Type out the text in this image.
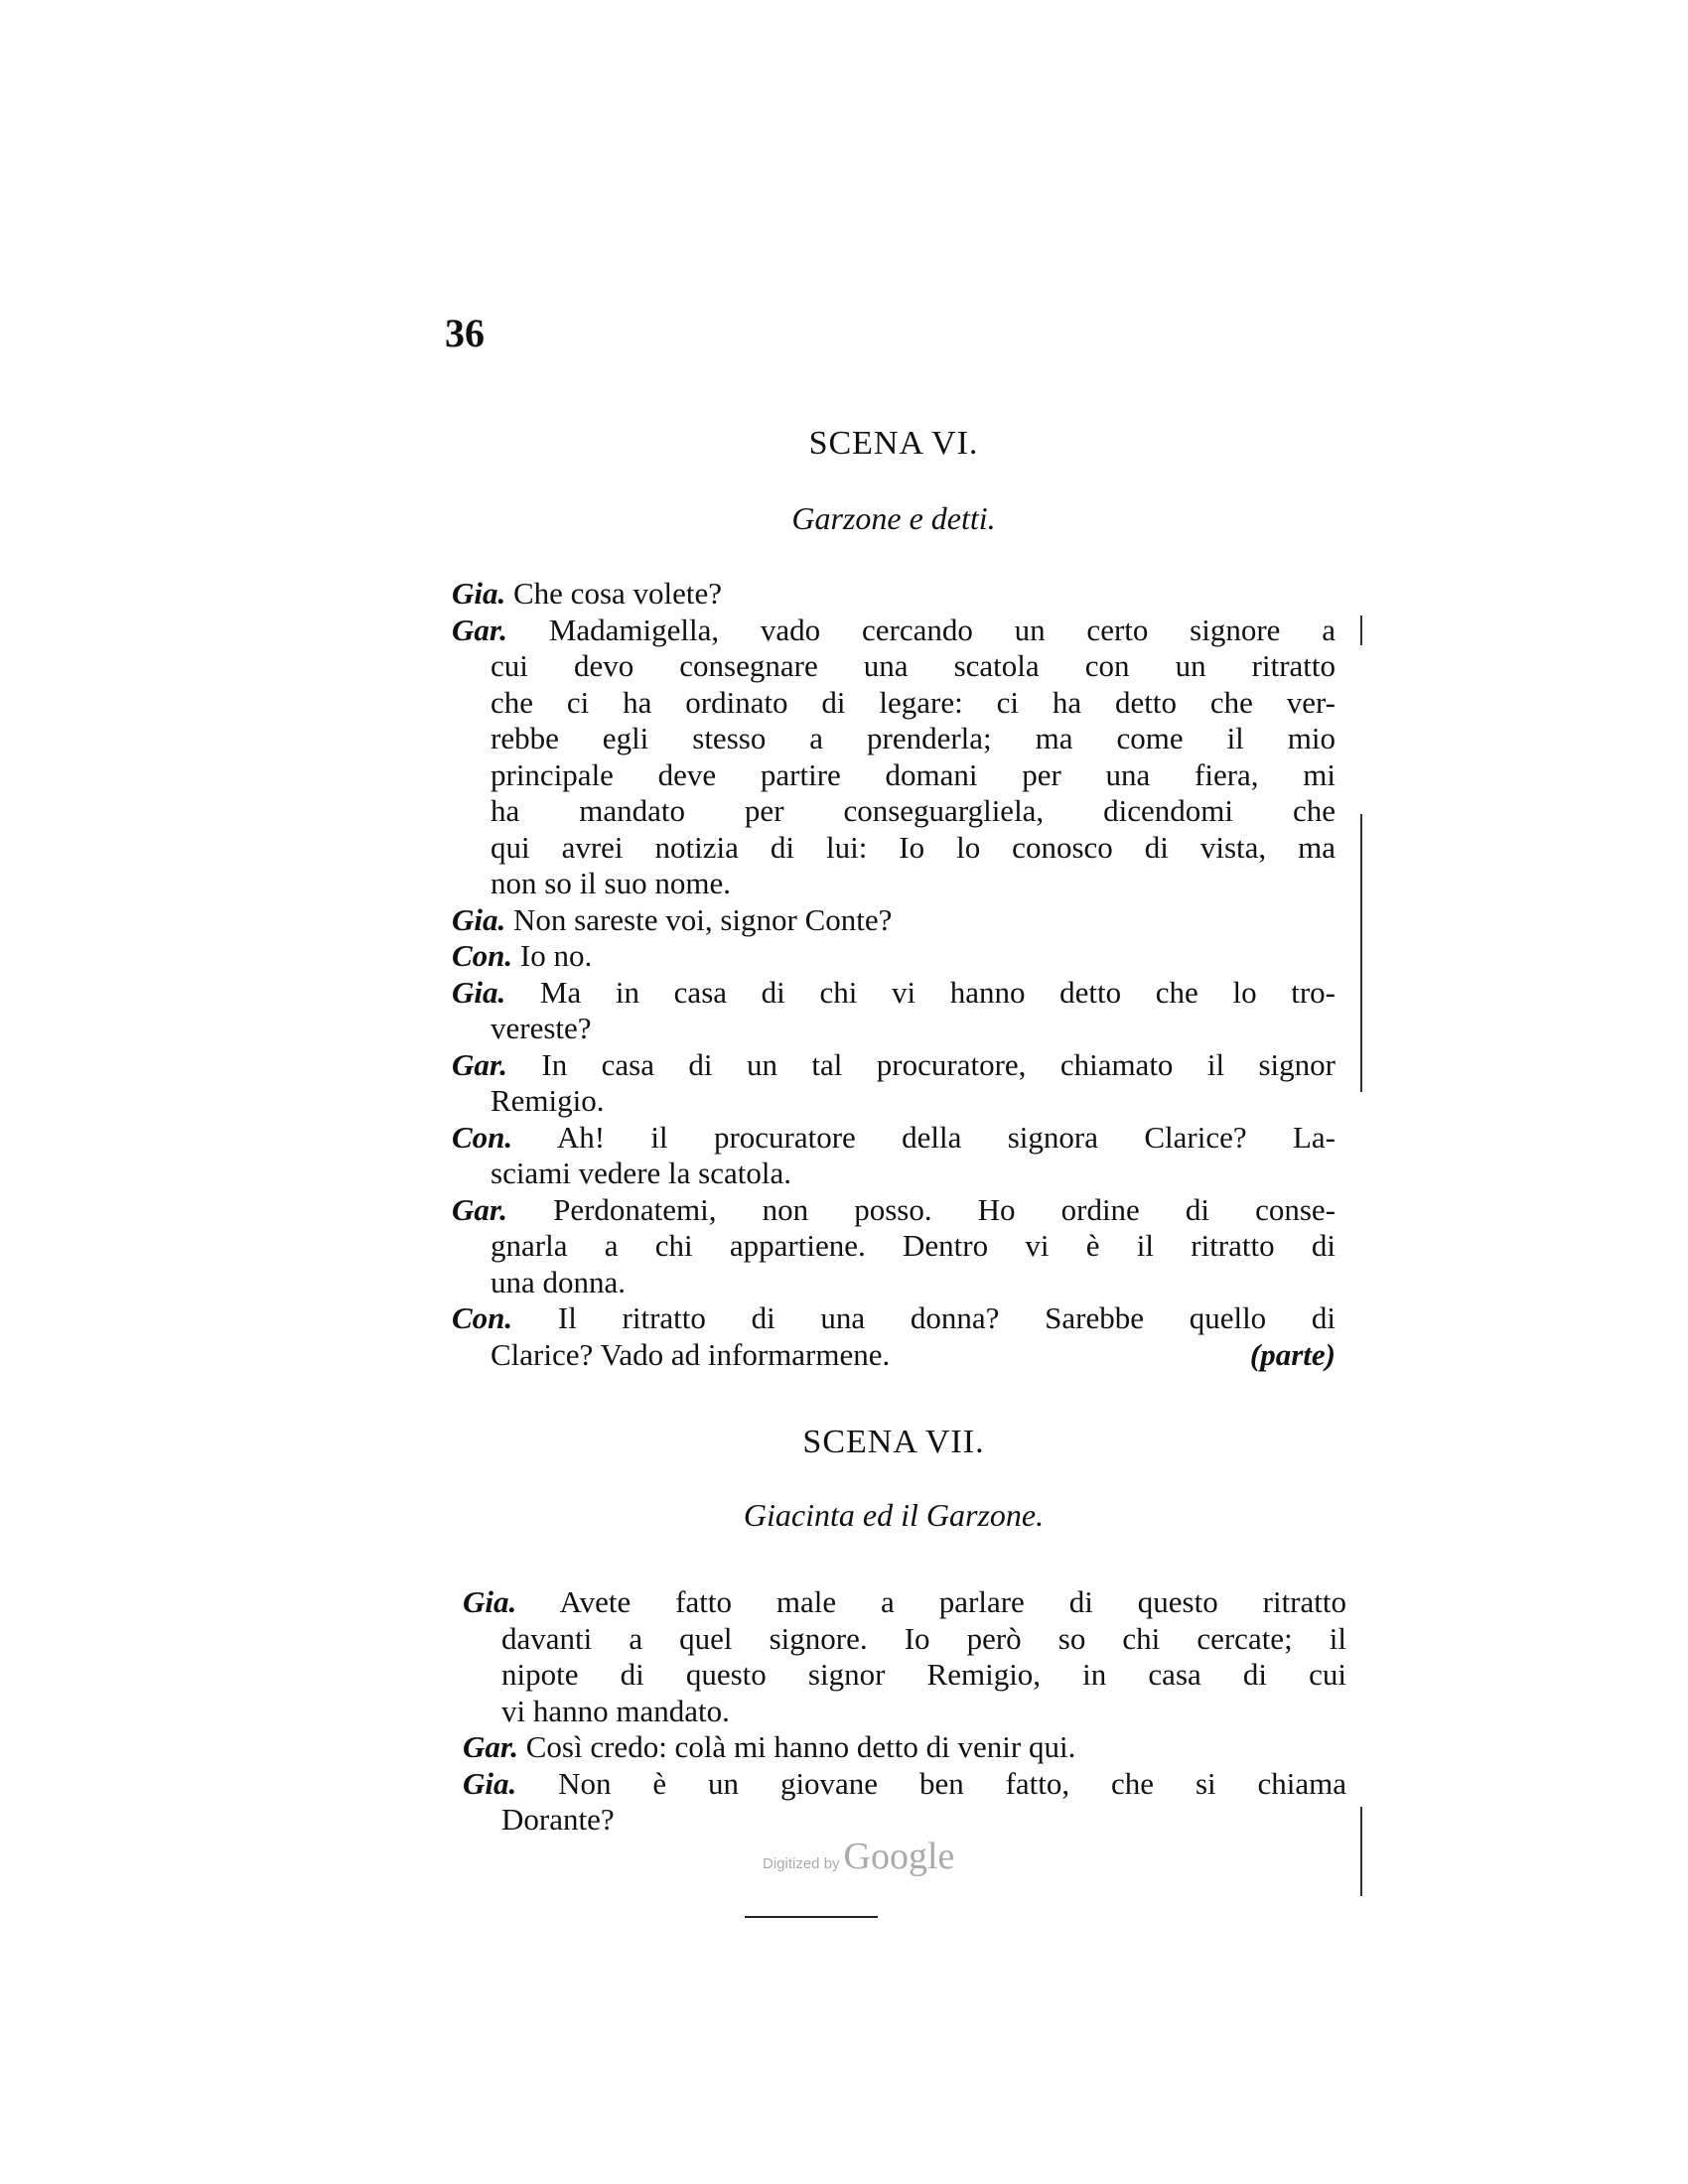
36
SCENA VI.
Garzone e detti.
Gia. Che cosa volete?
Gar. Madamigella, vado cercando un certo signore a
cui devo consegnare una scatola con un ritratto
che ci ha ordinato di legare: ci ha detto che ver-
rebbe egli stesso a prenderla; ma come il mio
principale deve partire domani per una fiera, mi
ha mandato per conseguargliela, dicendomi che
qui avrei notizia di lui: Io lo conosco di vista, ma
non so il suo nome.
Gia. Non sareste voi, signor Conte?
Con. Io no.
Gia. Ma in casa di chi vi hanno detto che lo tro-
vereste?
Gar. In casa di un tal procuratore, chiamato il signor
Remigio.
Con. Ah! il procuratore della signora Clarice? La-
sciami vedere la scatola.
Gar. Perdonatemi, non posso. Ho ordine di conse-
gnarla a chi appartiene. Dentro vi è il ritratto di
una donna.
Con. Il ritratto di una donna? Sarebbe quello di
Clarice? Vado ad informarmene.	(parte)
SCENA VII.
Giacinta ed il Garzone.
Gia. Avete fatto male a parlare di questo ritratto
davanti a quel signore. Io però so chi cercate; il
nipote di questo signor Remigio, in casa di cui
vi hanno mandato.
Gar. Così credo: colà mi hanno detto di venir qui.
Gia. Non è un giovane ben fatto, che si chiama
Dorante?
Digitized by Google
